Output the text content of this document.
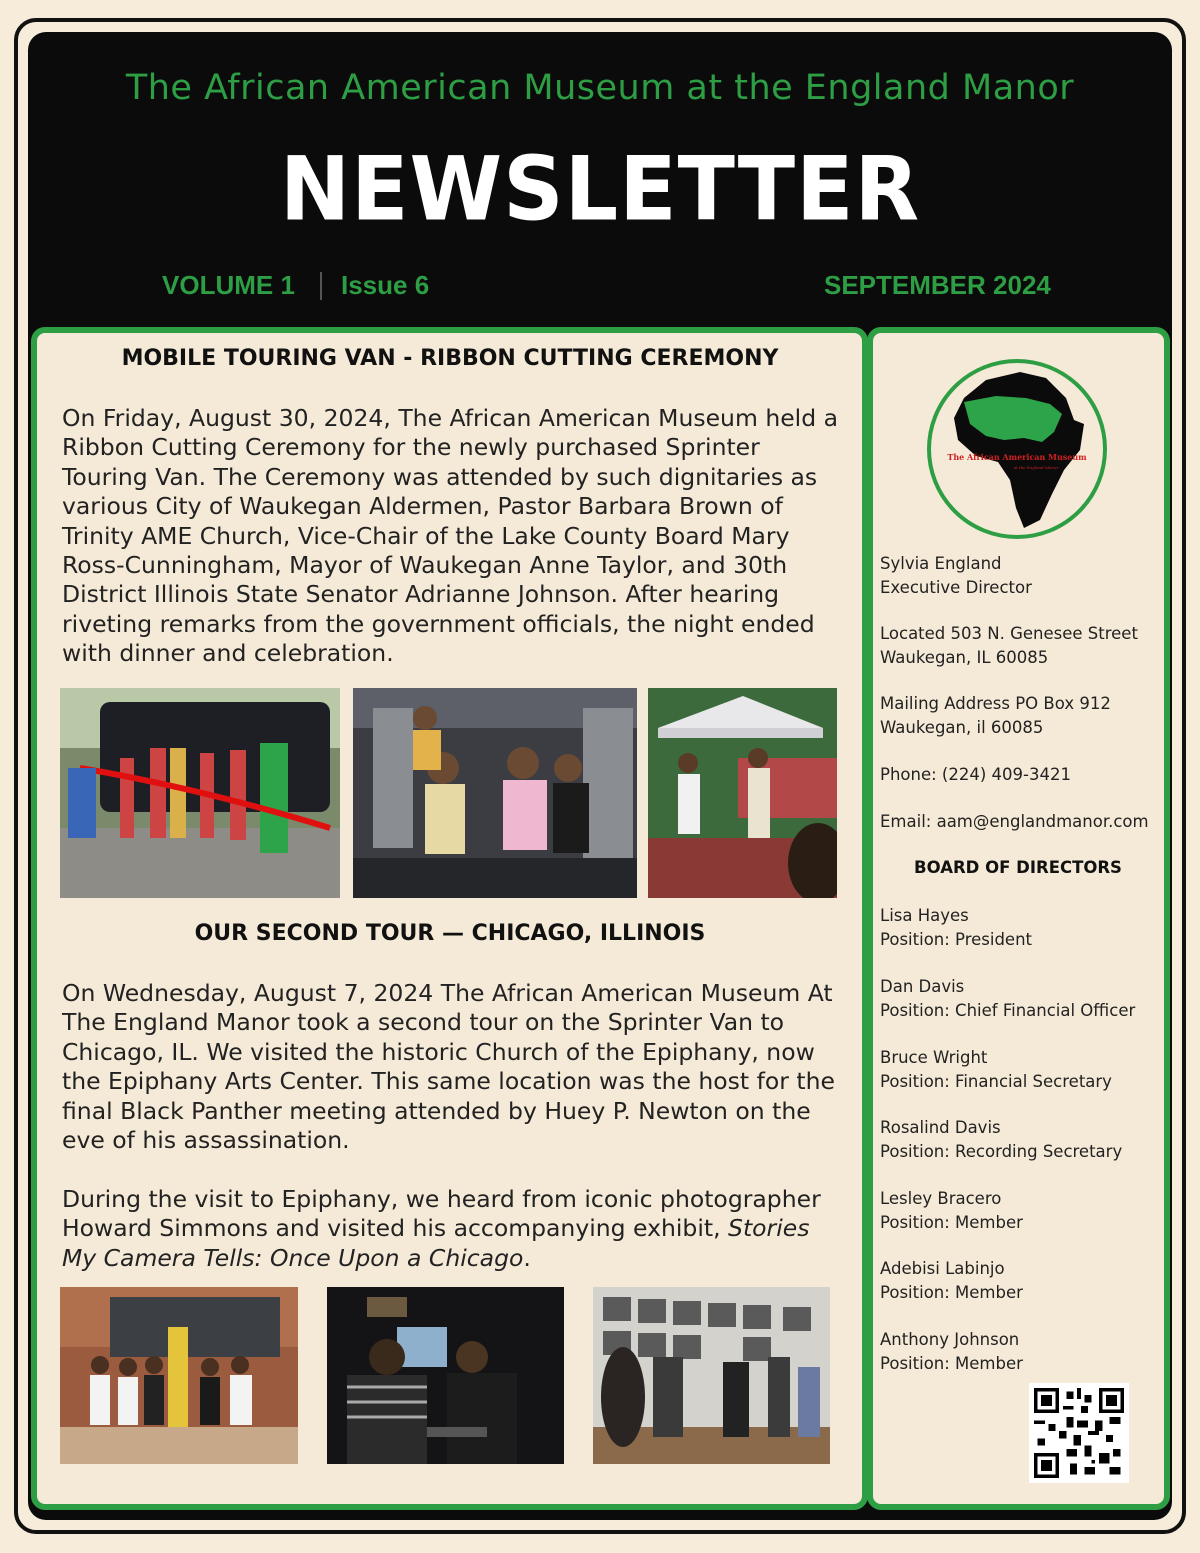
The African American Museum at the England Manor
NEWSLETTER
VOLUME 1 Issue 6	SEPTEMBER 2024
MOBILE TOURING VAN - RIBBON CUTTING CEREMONY
On Friday, August 30, 2024, The African American Museum held a Ribbon Cutting Ceremony for the newly purchased Sprinter Touring Van. The Ceremony was attended by such dignitaries as various City of Waukegan Aldermen, Pastor Barbara Brown of Trinity AME Church, Vice-Chair of the Lake County Board Mary Ross-Cunningham, Mayor of Waukegan Anne Taylor, and 30th District Illinois State Senator Adrianne Johnson. After hearing riveting remarks from the government officials, the night ended with dinner and celebration.
OUR SECOND TOUR — CHICAGO, ILLINOIS
On Wednesday, August 7, 2024 The African American Museum At The England Manor took a second tour on the Sprinter Van to Chicago, IL. We visited the historic Church of the Epiphany, now the Epiphany Arts Center. This same location was the host for the final Black Panther meeting attended by Huey P. Newton on the eve of his assassination.
During the visit to Epiphany, we heard from iconic photographer Howard Simmons and visited his accompanying exhibit, Stories My Camera Tells: Once Upon a Chicago.
The African American Museum
at the England Manor
Sylvia England
Executive Director
Located 503 N. Genesee Street
Waukegan, IL 60085
Mailing Address PO Box 912
Waukegan, il 60085
Phone: (224) 409-3421
Email: aam@englandmanor.com
BOARD OF DIRECTORS
Lisa Hayes
Position: President
Dan Davis
Position: Chief Financial Officer
Bruce Wright
Position: Financial Secretary
Rosalind Davis
Position: Recording Secretary
Lesley Bracero
Position: Member
Adebisi Labinjo
Position: Member
Anthony Johnson
Position: Member
